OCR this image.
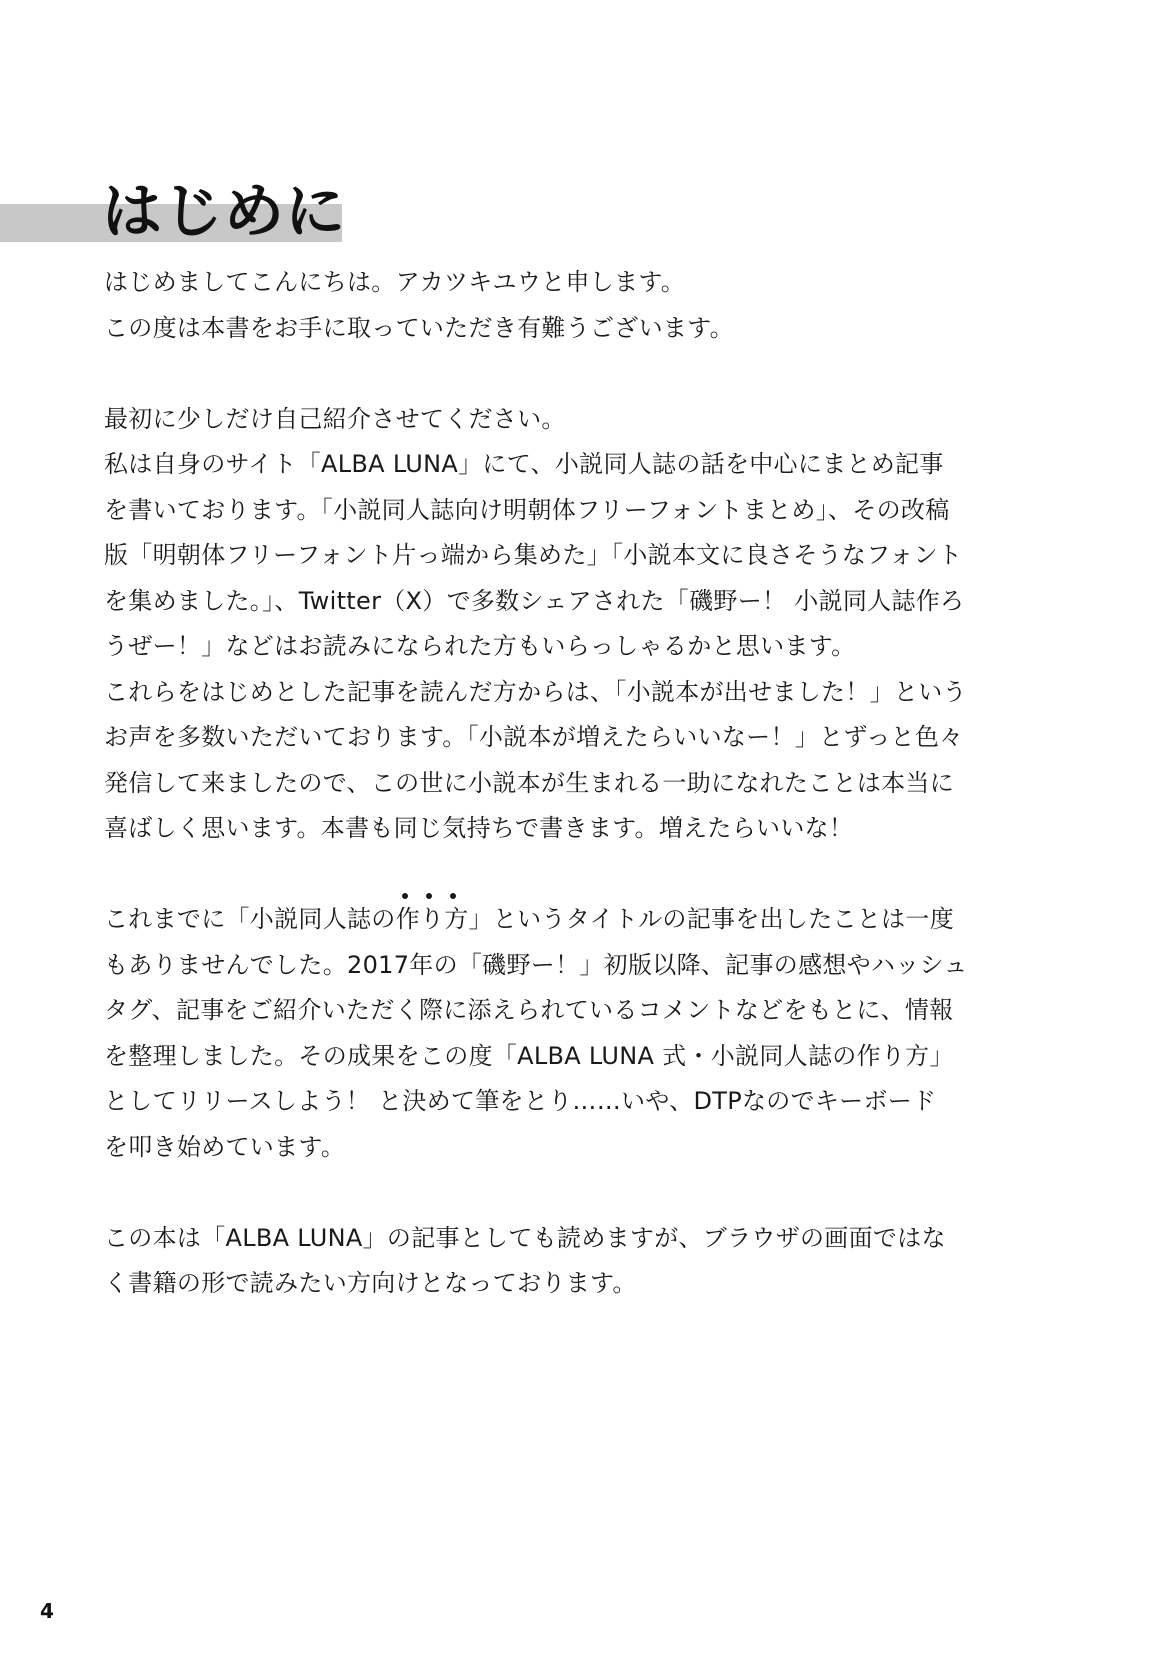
はじめに

はじめましてこんにちは。アカツキユウと申します。

この度は本書をお手に取っていただき有難うございます。

最初に少しだけ自己紹介させてください。

私は自身のサイト「ALBA LUNA」にて、小説同人誌の話を中心にまとめ記事

を書いております。「小説同人誌向け明朝体フリーフォントまとめ」、その改稿

版「明朝体フリーフォント片っ端から集めた」「小説本文に良さそうなフォント

を集めました。」、Twitter（X）で多数シェアされた「磯野ー！ 小説同人誌作ろ

うぜー！」などはお読みになられた方もいらっしゃるかと思います。

これらをはじめとした記事を読んだ方からは、「小説本が出せました！」という

お声を多数いただいております。「小説本が増えたらいいなー！」とずっと色々

発信して来ましたので、この世に小説本が生まれる一助になれたことは本当に

喜ばしく思います。本書も同じ気持ちで書きます。増えたらいいな！

これまでに「小説同人誌の
作り方」というタイトルの記事を出したことは一度

もありませんでした。2017年の「磯野ー！」初版以降、記事の感想やハッシュ

タグ、記事をご紹介いただく際に添えられているコメントなどをもとに、情報

を整理しました。その成果をこの度「ALBA LUNA 式・小説同人誌の作り方」

としてリリースしよう！ と決めて筆をとり……いや、DTPなのでキーボード

を叩き始めています。

この本は「ALBA LUNA」の記事としても読めますが、ブラウザの画面ではな

く書籍の形で読みたい方向けとなっております。

4
